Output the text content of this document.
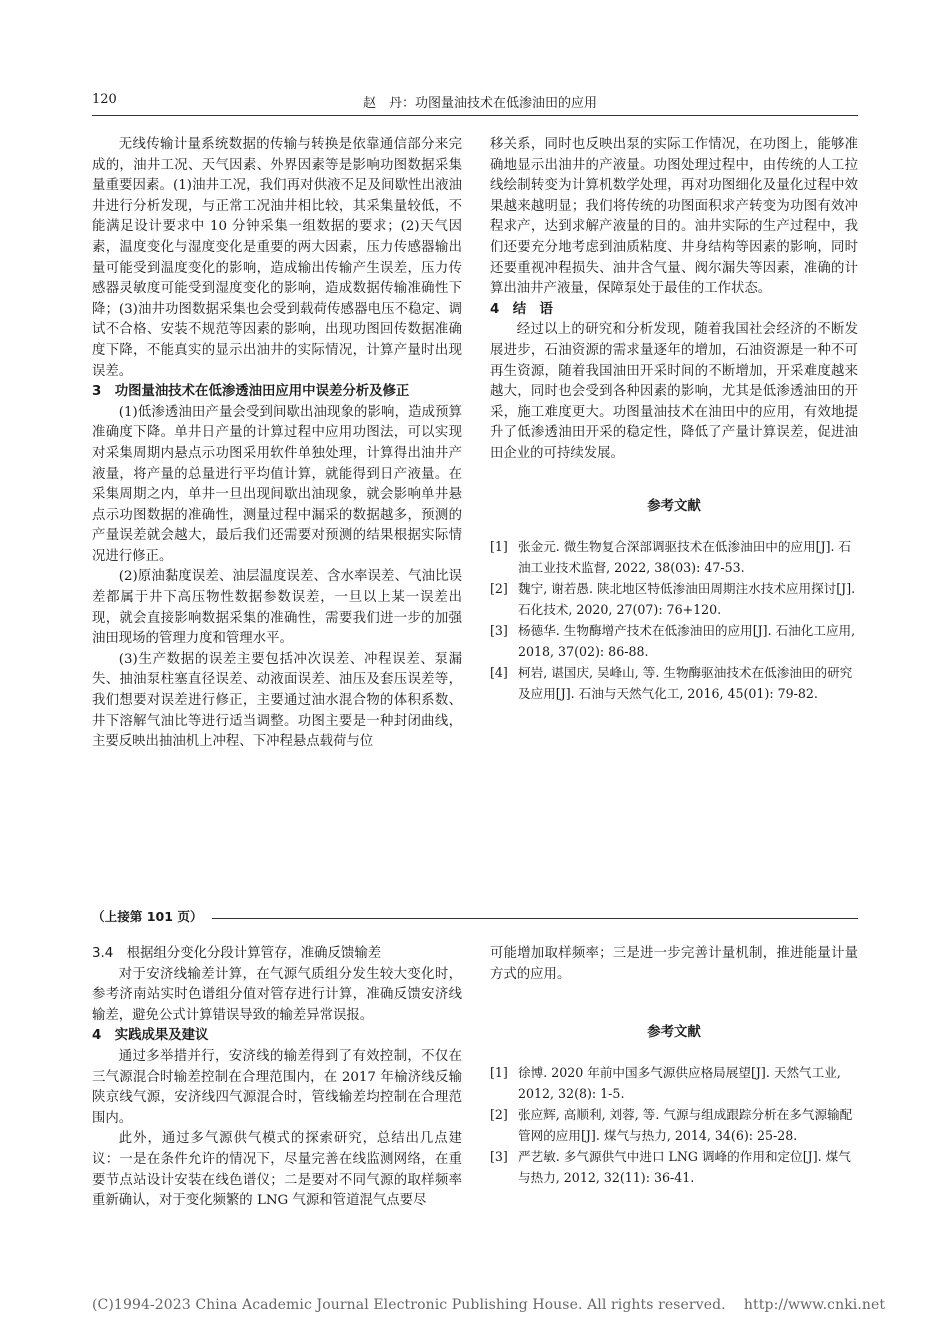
120	赵　丹：功图量油技术在低渗油田的应用

无线传输计量系统数据的传输与转换是依靠通信部分来完成的，油井工况、天气因素、外界因素等是影响功图数据采集量重要因素。(1)油井工况，我们再对供液不足及间歇性出液油井进行分析发现，与正常工况油井相比较，其采集量较低，不能满足设计要求中 10 分钟采集一组数据的要求；(2)天气因素，温度变化与湿度变化是重要的两大因素，压力传感器输出量可能受到温度变化的影响，造成输出传输产生误差，压力传感器灵敏度可能受到湿度变化的影响，造成数据传输准确性下降；(3)油井功图数据采集也会受到载荷传感器电压不稳定、调试不合格、安装不规范等因素的影响，出现功图回传数据准确度下降，不能真实的显示出油井的实际情况，计算产量时出现误差。

3　功图量油技术在低渗透油田应用中误差分析及修正

(1)低渗透油田产量会受到间歇出油现象的影响，造成预算准确度下降。单井日产量的计算过程中应用功图法，可以实现对采集周期内悬点示功图采用软件单独处理，计算得出油井产液量，将产量的总量进行平均值计算，就能得到日产液量。在采集周期之内，单井一旦出现间歇出油现象，就会影响单井悬点示功图数据的准确性，测量过程中漏采的数据越多，预测的产量误差就会越大，最后我们还需要对预测的结果根据实际情况进行修正。

(2)原油黏度误差、油层温度误差、含水率误差、气油比误差都属于井下高压物性数据参数误差，一旦以上某一误差出现，就会直接影响数据采集的准确性，需要我们进一步的加强油田现场的管理力度和管理水平。

(3)生产数据的误差主要包括冲次误差、冲程误差、泵漏失、抽油泵柱塞直径误差、动液面误差、油压及套压误差等，我们想要对误差进行修正，主要通过油水混合物的体积系数、井下溶解气油比等进行适当调整。功图主要是一种封闭曲线，主要反映出抽油机上冲程、下冲程悬点载荷与位

移关系，同时也反映出泵的实际工作情况，在功图上，能够准确地显示出油井的产液量。功图处理过程中，由传统的人工拉线绘制转变为计算机数学处理，再对功图细化及量化过程中效果越来越明显；我们将传统的功图面积求产转变为功图有效冲程求产，达到求解产液量的目的。油井实际的生产过程中，我们还要充分地考虑到油质粘度、井身结构等因素的影响，同时还要重视冲程损失、油井含气量、阀尔漏失等因素，准确的计算出油井产液量，保障泵处于最佳的工作状态。

4　结　语

经过以上的研究和分析发现，随着我国社会经济的不断发展进步，石油资源的需求量逐年的增加，石油资源是一种不可再生资源，随着我国油田开采时间的不断增加，开采难度越来越大，同时也会受到各种因素的影响，尤其是低渗透油田的开采，施工难度更大。功图量油技术在油田中的应用，有效地提升了低渗透油田开采的稳定性，降低了产量计算误差，促进油田企业的可持续发展。

参考文献
[1] 张金元. 微生物复合深部调驱技术在低渗油田中的应用[J]. 石油工业技术监督, 2022, 38(03): 47-53.
[2] 魏宁, 谢若愚. 陕北地区特低渗油田周期注水技术应用探讨[J]. 石化技术, 2020, 27(07): 76+120.
[3] 杨德华. 生物酶增产技术在低渗油田的应用[J]. 石油化工应用, 2018, 37(02): 86-88.
[4] 柯岩, 谌国庆, 吴峰山, 等. 生物酶驱油技术在低渗油田的研究及应用[J]. 石油与天然气化工, 2016, 45(01): 79-82.
（上接第 101 页）

3.4　根据组分变化分段计算管存，准确反馈输差

对于安济线输差计算，在气源气质组分发生较大变化时，参考济南站实时色谱组分值对管存进行计算，准确反馈安济线输差，避免公式计算错误导致的输差异常误报。

4　实践成果及建议

通过多举措并行，安济线的输差得到了有效控制，不仅在三气源混合时输差控制在合理范围内，在 2017 年榆济线反输陕京线气源，安济线四气源混合时，管线输差均控制在合理范围内。

此外，通过多气源供气模式的探索研究，总结出几点建议：一是在条件允许的情况下，尽量完善在线监测网络，在重要节点站设计安装在线色谱仪；二是要对不同气源的取样频率重新确认，对于变化频繁的 LNG 气源和管道混气点要尽

可能增加取样频率；三是进一步完善计量机制，推进能量计量方式的应用。

参考文献
[1] 徐博. 2020 年前中国多气源供应格局展望[J]. 天然气工业, 2012, 32(8): 1-5.
[2] 张应辉, 高顺利, 刘蓉, 等. 气源与组成跟踪分析在多气源输配管网的应用[J]. 煤气与热力, 2014, 34(6): 25-28.
[3] 严艺敏. 多气源供气中进口 LNG 调峰的作用和定位[J]. 煤气与热力, 2012, 32(11): 36-41.
(C)1994-2023 China Academic Journal Electronic Publishing House. All rights reserved.    http://www.cnki.net
